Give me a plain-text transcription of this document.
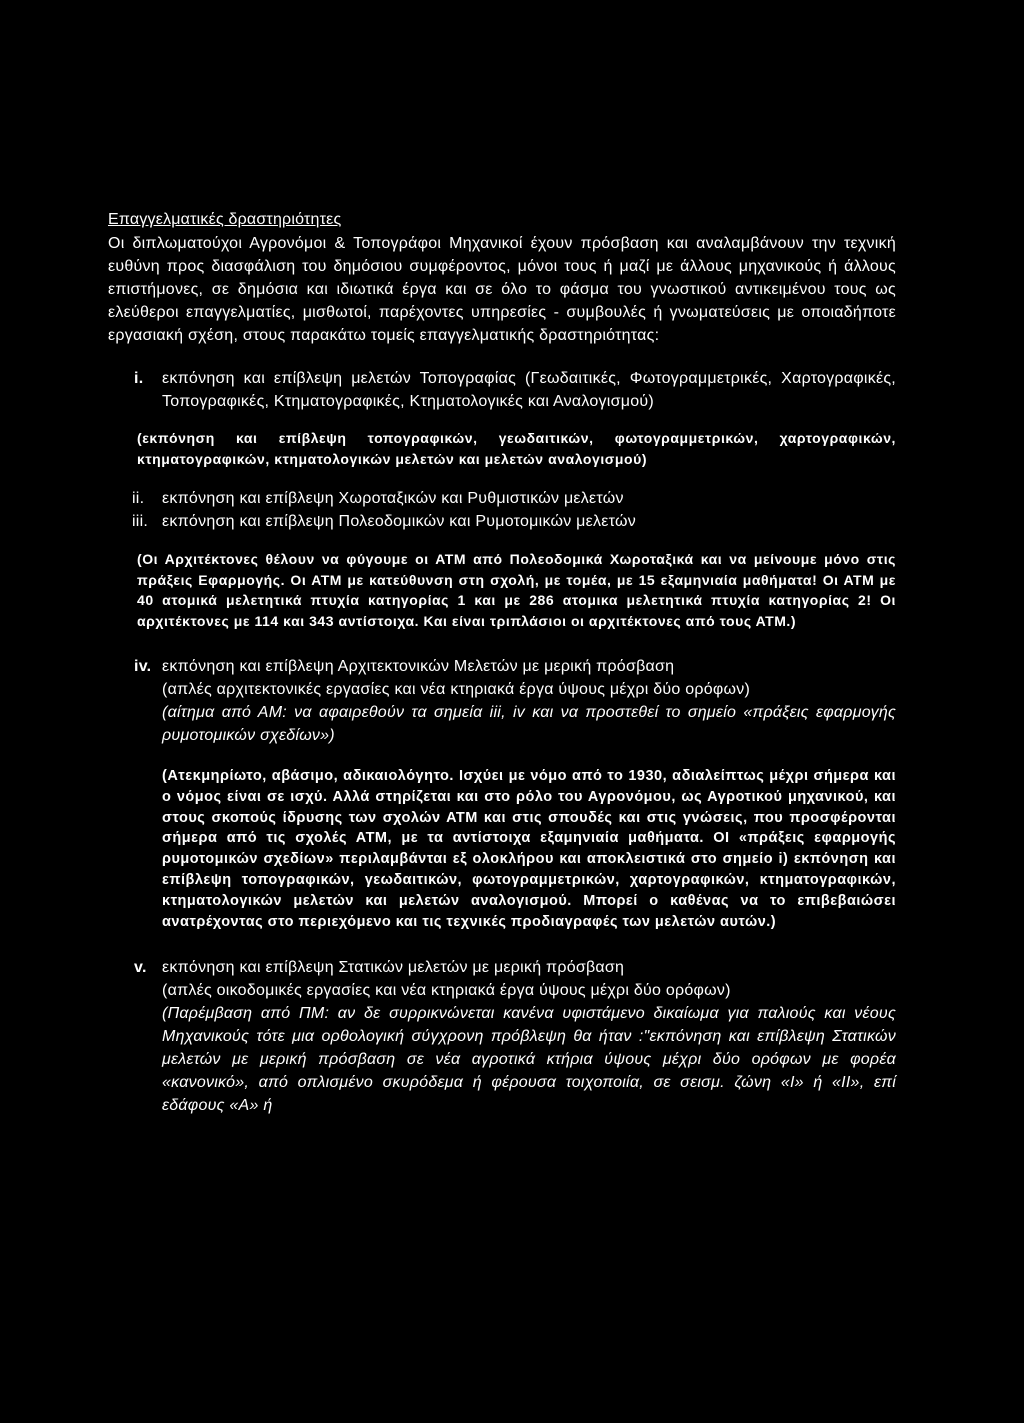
Επαγγελματικές δραστηριότητες
Οι διπλωματούχοι Αγρονόμοι & Τοπογράφοι Μηχανικοί έχουν πρόσβαση και αναλαμβάνουν την τεχνική ευθύνη προς διασφάλιση του δημόσιου συμφέροντος, μόνοι τους ή μαζί με άλλους μηχανικούς ή άλλους επιστήμονες, σε δημόσια και ιδιωτικά έργα και σε όλο το φάσμα του γνωστικού αντικειμένου τους ως ελεύθεροι επαγγελματίες, μισθωτοί, παρέχοντες υπηρεσίες - συμβουλές ή γνωματεύσεις με οποιαδήποτε εργασιακή σχέση, στους παρακάτω τομείς επαγγελματικής δραστηριότητας:
i. εκπόνηση και επίβλεψη μελετών Τοπογραφίας (Γεωδαιτικές, Φωτογραμμετρικές, Χαρτογραφικές, Τοπογραφικές, Κτηματογραφικές, Κτηματολογικές και Αναλογισμού)
(εκπόνηση και επίβλεψη τοπογραφικών, γεωδαιτικών, φωτογραμμετρικών, χαρτογραφικών, κτηματογραφικών, κτηματολογικών μελετών και μελετών αναλογισμού)
ii. εκπόνηση και επίβλεψη Χωροταξικών και Ρυθμιστικών μελετών
iii. εκπόνηση και επίβλεψη Πολεοδομικών και Ρυμοτομικών μελετών
(Οι Αρχιτέκτονες θέλουν να φύγουμε οι ΑΤΜ από Πολεοδομικά Χωροταξικά και να μείνουμε μόνο στις πράξεις Εφαρμογής. Οι ΑΤΜ με κατεύθυνση στη σχολή, με τομέα, με 15 εξαμηνιαία μαθήματα! Οι ΑΤΜ με 40 ατομικά μελετητικά πτυχία κατηγορίας 1 και με 286 ατομικα μελετητικά πτυχία κατηγορίας 2! Οι αρχιτέκτονες με 114 και 343 αντίστοιχα. Και είναι τριπλάσιοι οι αρχιτέκτονες από τους ΑΤΜ.)
iv. εκπόνηση και επίβλεψη Αρχιτεκτονικών Μελετών με μερική πρόσβαση
(απλές αρχιτεκτονικές εργασίες και νέα κτηριακά έργα ύψους μέχρι δύο ορόφων)
(αίτημα από ΑΜ: να αφαιρεθούν τα σημεία iii, iv και να προστεθεί το σημείο «πράξεις εφαρμογής ρυμοτομικών σχεδίων»)
(Ατεκμηρίωτο, αβάσιμο, αδικαιολόγητο. Ισχύει με νόμο από το 1930, αδιαλείπτως μέχρι σήμερα και ο νόμος είναι σε ισχύ. Αλλά στηρίζεται και στο ρόλο του Αγρονόμου, ως Αγροτικού μηχανικού, και στους σκοπούς ίδρυσης των σχολών ΑΤΜ και στις σπουδές και στις γνώσεις, που προσφέρονται σήμερα από τις σχολές ΑΤΜ, με τα αντίστοιχα εξαμηνιαία μαθήματα. ΟΙ «πράξεις εφαρμογής ρυμοτομικών σχεδίων» περιλαμβάνται εξ ολοκλήρου και αποκλειστικά στο σημείο i) εκπόνηση και επίβλεψη τοπογραφικών, γεωδαιτικών, φωτογραμμετρικών, χαρτογραφικών, κτηματογραφικών, κτηματολογικών μελετών και μελετών αναλογισμού. Μπορεί ο καθένας να το επιβεβαιώσει ανατρέχοντας στο περιεχόμενο και τις τεχνικές προδιαγραφές των μελετών αυτών.)
v. εκπόνηση και επίβλεψη Στατικών μελετών με μερική πρόσβαση
(απλές οικοδομικές εργασίες και νέα κτηριακά έργα ύψους μέχρι δύο ορόφων)
(Παρέμβαση από ΠΜ: αν δε συρρικνώνεται κανένα υφιστάμενο δικαίωμα για παλιούς και νέους Μηχανικούς τότε μια ορθολογική σύγχρονη πρόβλεψη θα ήταν :"εκπόνηση και επίβλεψη Στατικών μελετών με μερική πρόσβαση σε νέα αγροτικά κτήρια ύψους μέχρι δύο ορόφων με φορέα «κανονικό», από οπλισμένο σκυρόδεμα ή φέρουσα τοιχοποιία, σε σεισμ. ζώνη «Ι» ή «ΙΙ», επί εδάφους «Α» ή
